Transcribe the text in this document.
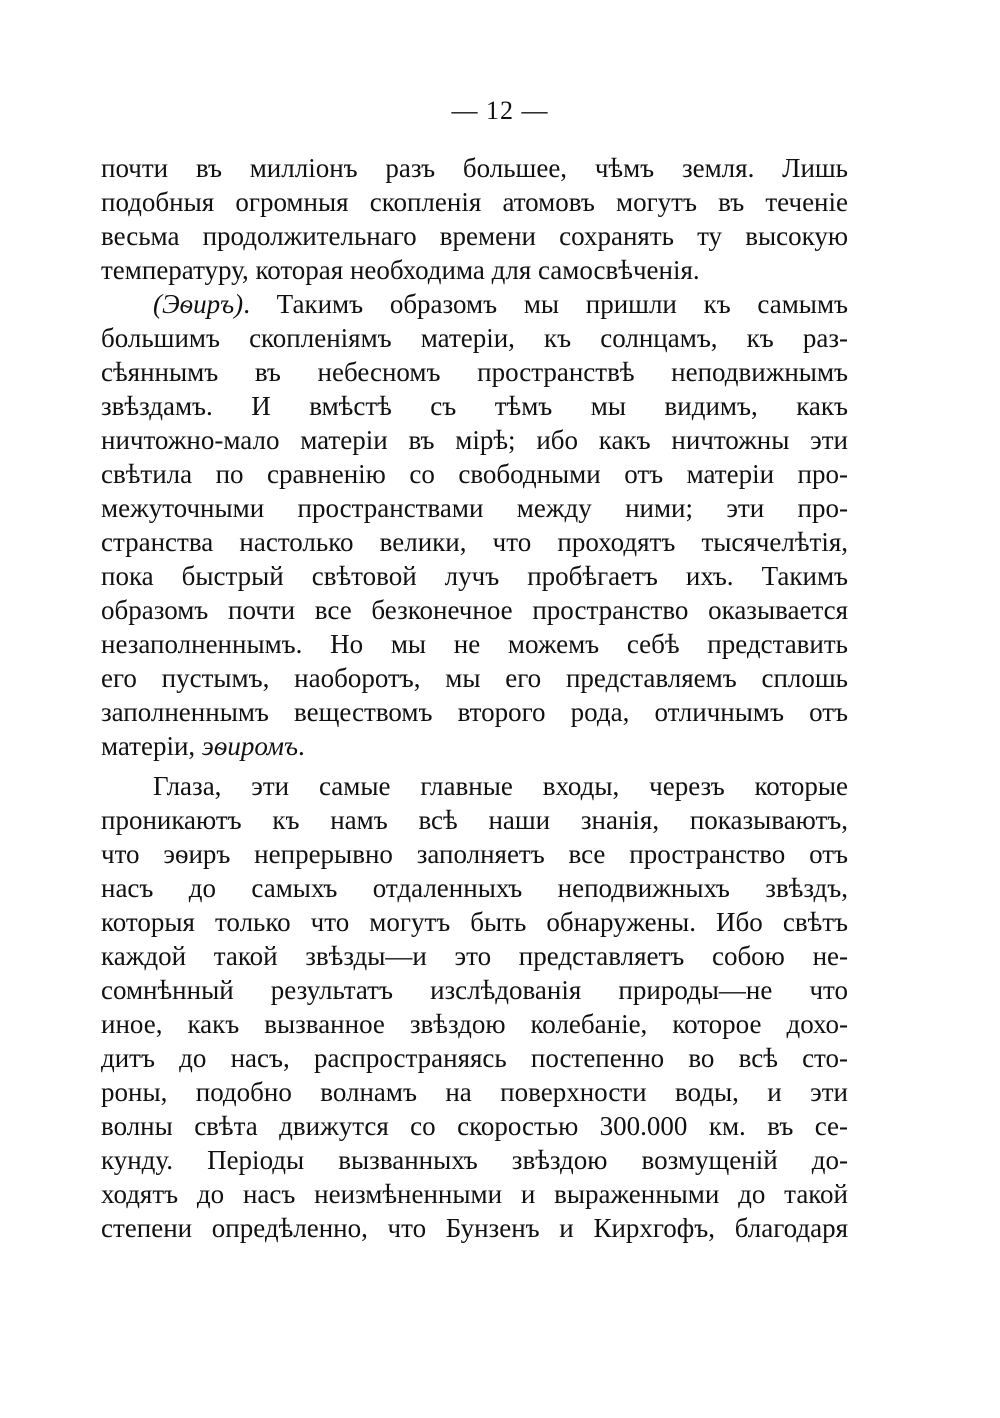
— 12 —
почти въ милліонъ разъ большее, чѣмъ земля. Лишь
подобныя огромныя скопленія атомовъ могутъ въ теченіе
весьма продолжительнаго времени сохранять ту высокую
температуру, которая необходима для самосвѣченія.
(Эѳиръ). Такимъ образомъ мы пришли къ самымъ
большимъ скопленіямъ матеріи, къ солнцамъ, къ раз-
сѣяннымъ въ небесномъ пространствѣ неподвижнымъ
звѣздамъ. И вмѣстѣ съ тѣмъ мы видимъ, какъ
ничтожно-мало матеріи въ мірѣ; ибо какъ ничтожны эти
свѣтила по сравненію со свободными отъ матеріи про-
межуточными пространствами между ними; эти про-
странства настолько велики, что проходятъ тысячелѣтія,
пока быстрый свѣтовой лучъ пробѣгаетъ ихъ. Такимъ
образомъ почти все безконечное пространство оказывается
незаполненнымъ. Но мы не можемъ себѣ представить
его пустымъ, наоборотъ, мы его представляемъ сплошь
заполненнымъ веществомъ второго рода, отличнымъ отъ
матеріи, эѳиромъ.
Глаза, эти самые главные входы, черезъ которые
проникаютъ къ намъ всѣ наши знанія, показываютъ,
что эѳиръ непрерывно заполняетъ все пространство отъ
насъ до самыхъ отдаленныхъ неподвижныхъ звѣздъ,
которыя только что могутъ быть обнаружены. Ибо свѣтъ
каждой такой звѣзды—и это представляетъ собою не-
сомнѣнный результатъ изслѣдованія природы—не что
иное, какъ вызванное звѣздою колебаніе, которое дохо-
дитъ до насъ, распространяясь постепенно во всѣ сто-
роны, подобно волнамъ на поверхности воды, и эти
волны свѣта движутся со скоростью 300.000 км. въ се-
кунду. Періоды вызванныхъ звѣздою возмущеній до-
ходятъ до насъ неизмѣненными и выраженными до такой
степени опредѣленно, что Бунзенъ и Кирхгофъ, благодаря
